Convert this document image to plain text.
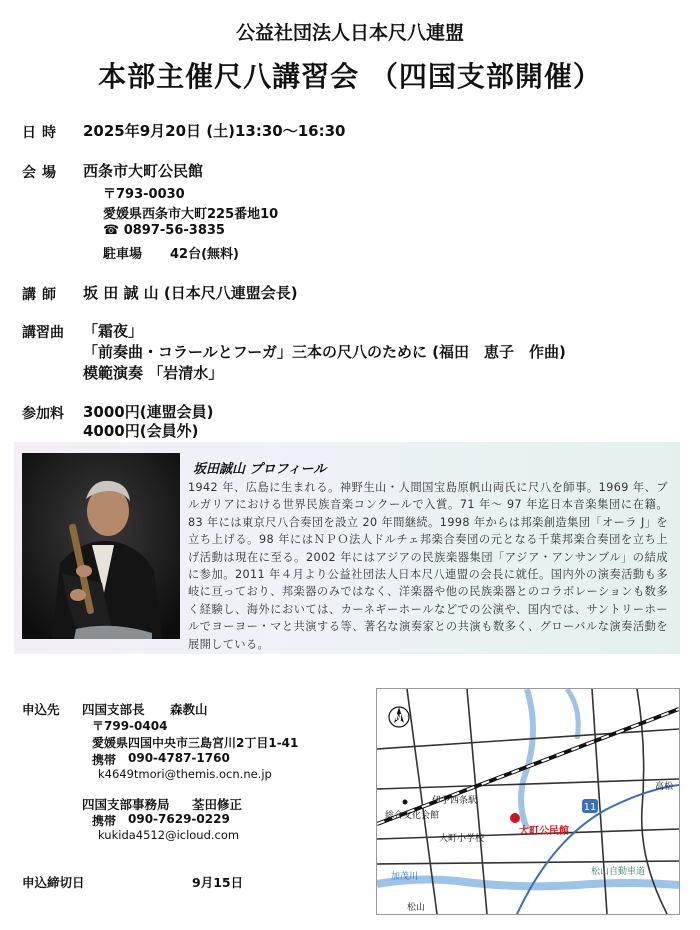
公益社団法人日本尺八連盟
本部主催尺八講習会 （四国支部開催）
日時 2025年9月20日 (土)13:30〜16:30
会場 西条市大町公民館
〒793-0030
愛媛県西条市大町225番地10
☎ 0897-56-3835
駐車場 42台(無料)
講師 坂 田 誠 山 (日本尺八連盟会長)
講習曲 「霜夜」
「前奏曲・コラールとフーガ」三本の尺八のために (福田　恵子　作曲)
模範演奏 「岩清水」
参加料 3000円(連盟会員)
4000円(会員外)
坂田誠山 プロフィール
1942 年、広島に生まれる。神野生山・人間国宝島原帆山両氏に尺八を師事。1969 年、ブルガリアにおける世界民族音楽コンクールで入賞。71 年〜 97 年迄日本音楽集団に在籍。83 年には東京尺八合奏団を設立 20 年間継続。1998 年からは邦楽創造集団「オーラ J」を立ち上げる。98 年にはＮＰＯ法人ドルチェ邦楽合奏団の元となる千葉邦楽合奏団を立ち上げ活動は現在に至る。2002 年にはアジアの民族楽器集団「アジア・アンサンブル」の結成に参加。2011 年４月より公益社団法人日本尺八連盟の会長に就任。国内外の演奏活動も多岐に亘っており、邦楽器のみではなく、洋楽器や他の民族楽器とのコラボレーションも数多く経験し、海外においては、カーネギーホールなどでの公演や、国内では、サントリーホールでヨーヨー・マと共演する等、著名な演奏家との共演も数多く、グローバルな演奏活動を展開している。
申込先 四国支部長 森教山
〒799-0404
愛媛県四国中央市三島宮川2丁目1-41
携帯 090-4787-1760
k4649tmori@themis.ocn.ne.jp
四国支部事務局 荃田修正
携帯 090-7629-0229
kukida4512@icloud.com
申込締切日	9月15日
11
N
伊予西条駅
総合文化会館
大町小学校
大町公民館
加茂川
高松
松山自動車道
松山
